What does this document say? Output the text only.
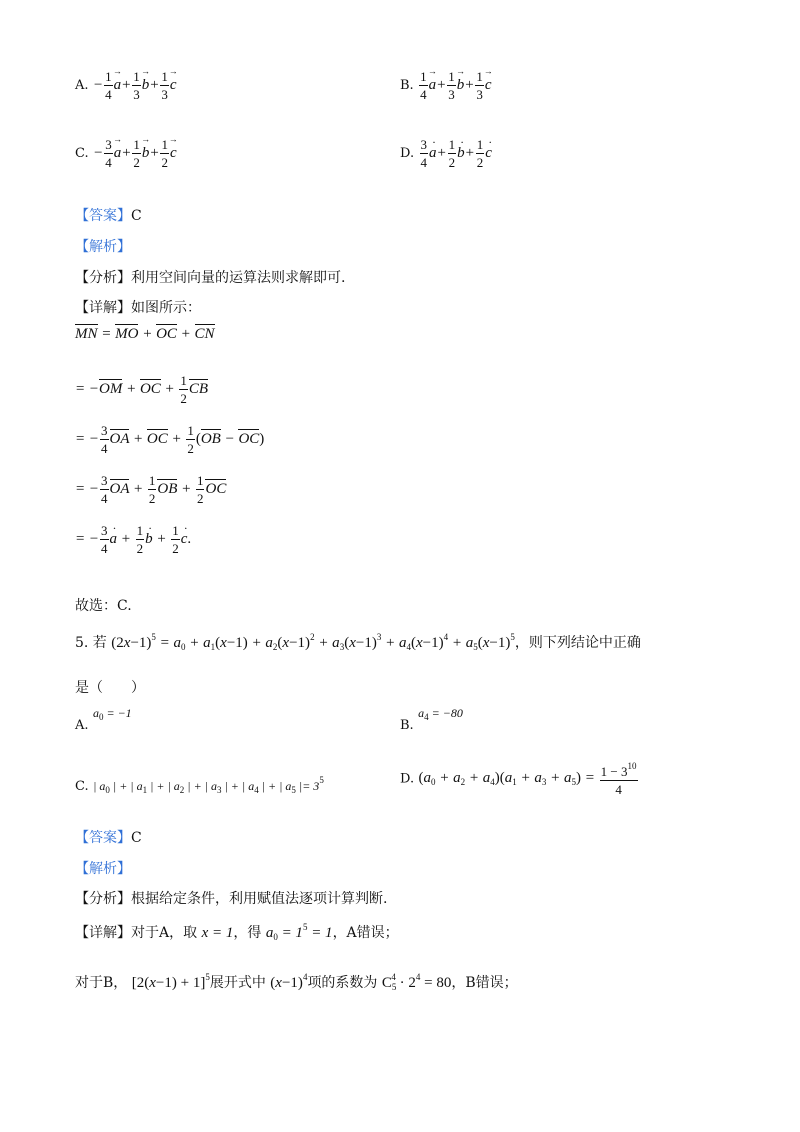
A. − $\frac{1}{4}$
→ $a+ \frac{1}{3}$
→ $b+ \frac{1}{3}$
→ c	B. $\frac{1}{4}$
→ $a+ \frac{1}{3}$
→ $b+ \frac{1}{3}$
→ c
C. − $\frac{3}{4}$
→ $a+ \frac{1}{2}$
→ $b+ \frac{1}{2}$
→ c	D. $\frac{3}{4}$ $a \cdot+ \frac{1}{2}$ $b \cdot+ \frac{1}{2}$ c ·
【答案】C
【解析】
【分析】利用空间向量的运算法则求解即可.
【详解】如图所示：
MN = MO + OC + CN
= −OM + OC + $\frac{1}{2}$ CB
= − $\frac{3}{4}$ OA + OC + $\frac{1}{2} (OB - OC)$
= − $\frac{3}{4}$ OA + $\frac{1}{2}$ OB + $\frac{1}{2}$ OC
= − $\frac{3}{4}$ a · + $\frac{1}{2}$ b · + $\frac{1}{2}$ c ·.
故选：C.
5. 若 $(2x-1)^5 = a_0 + a_1(x-1) + a_2(x-1)^2 + a_3(x-1)^3 + a_4(x-1)^4 + a_5(x-1)^5$，则下列结论中正确
是（　　）
A. $a_0 = -1$
B. $a_4 = -80$
C. | $a_0$ | + | $a_1$ | + | $a_2$ | + | $a_3$ | + | $a_4$ | + | $a_5$ |= $3^5$	D. $(a_0 + a_2 + a_4)(a_1 + a_3 + a_5) = \frac{1 - 3^{10}}{4}$
【答案】C
【解析】
【分析】根据给定条件，利用赋值法逐项计算判断.
【详解】对于A，取 x = 1，得 $a_0 = 1^5 = 1$，A错误；
对于B， $[2(x-1) + 1]^5$展开式中 $(x-1)^4$项的系数为 $C_5^4 \cdot 2^4 = 80$，B错误；
